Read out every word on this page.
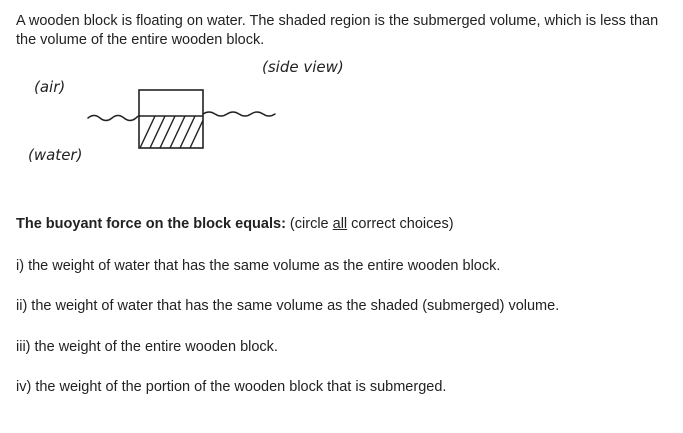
A wooden block is floating on water. The shaded region is the submerged volume, which is less than the volume of the entire wooden block.

(side view)
(air)
(water)

The buoyant force on the block equals: (circle all correct choices)

i) the weight of water that has the same volume as the entire wooden block.

ii) the weight of water that has the same volume as the shaded (submerged) volume.

iii) the weight of the entire wooden block.

iv) the weight of the portion of the wooden block that is submerged.
